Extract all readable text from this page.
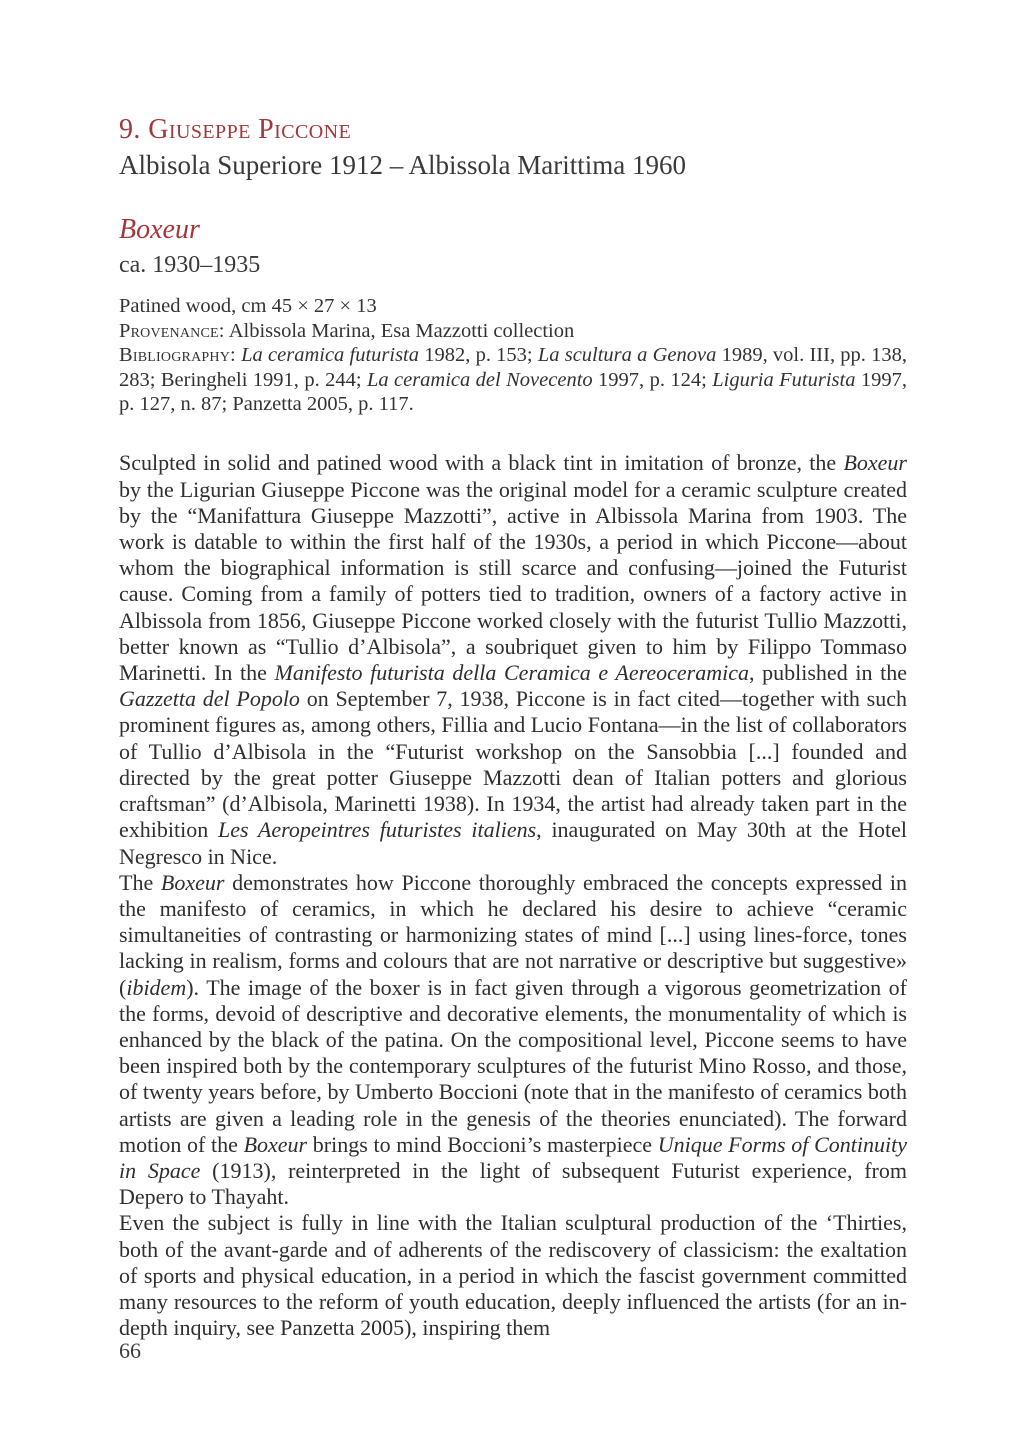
9. Giuseppe Piccone
Albisola Superiore 1912 – Albissola Marittima 1960
Boxeur
ca. 1930–1935
Patined wood, cm 45 × 27 × 13
Provenance: Albissola Marina, Esa Mazzotti collection
Bibliography: La ceramica futurista 1982, p. 153; La scultura a Genova 1989, vol. III, pp. 138, 283; Beringheli 1991, p. 244; La ceramica del Novecento 1997, p. 124; Liguria Futurista 1997, p. 127, n. 87; Panzetta 2005, p. 117.

Sculpted in solid and patined wood with a black tint in imitation of bronze, the Boxeur by the Ligurian Giuseppe Piccone was the original model for a ceramic sculpture created by the “Manifattura Giuseppe Mazzotti”, active in Albissola Marina from 1903. The work is datable to within the first half of the 1930s, a period in which Piccone—about whom the biographical information is still scarce and confusing—joined the Futurist cause. Coming from a family of potters tied to tradition, owners of a factory active in Albissola from 1856, Giuseppe Piccone worked closely with the futurist Tullio Mazzotti, better known as “Tullio d’Albisola”, a soubriquet given to him by Filippo Tommaso Marinetti. In the Manifesto futurista della Ceramica e Aereoceramica, published in the Gazzetta del Popolo on September 7, 1938, Piccone is in fact cited—together with such prominent figures as, among others, Fillia and Lucio Fontana—in the list of collaborators of Tullio d’Albisola in the “Futurist workshop on the Sansobbia [...] founded and directed by the great potter Giuseppe Mazzotti dean of Italian potters and glorious craftsman” (d’Albisola, Marinetti 1938). In 1934, the artist had already taken part in the exhibition Les Aeropeintres futuristes italiens, inaugurated on May 30th at the Hotel Negresco in Nice.

The Boxeur demonstrates how Piccone thoroughly embraced the concepts expressed in the manifesto of ceramics, in which he declared his desire to achieve “ceramic simultaneities of contrasting or harmonizing states of mind [...] using lines-force, tones lacking in realism, forms and colours that are not narrative or descriptive but suggestive» (ibidem). The image of the boxer is in fact given through a vigorous geometrization of the forms, devoid of descriptive and decorative elements, the monumentality of which is enhanced by the black of the patina. On the compositional level, Piccone seems to have been inspired both by the contemporary sculptures of the futurist Mino Rosso, and those, of twenty years before, by Umberto Boccioni (note that in the manifesto of ceramics both artists are given a leading role in the genesis of the theories enunciated). The forward motion of the Boxeur brings to mind Boccioni’s masterpiece Unique Forms of Continuity in Space (1913), reinterpreted in the light of subsequent Futurist experience, from Depero to Thayaht.

Even the subject is fully in line with the Italian sculptural production of the ‘Thirties, both of the avant-garde and of adherents of the rediscovery of classicism: the exaltation of sports and physical education, in a period in which the fascist government committed many resources to the reform of youth education, deeply influenced the artists (for an in-depth inquiry, see Panzetta 2005), inspiring them

66
